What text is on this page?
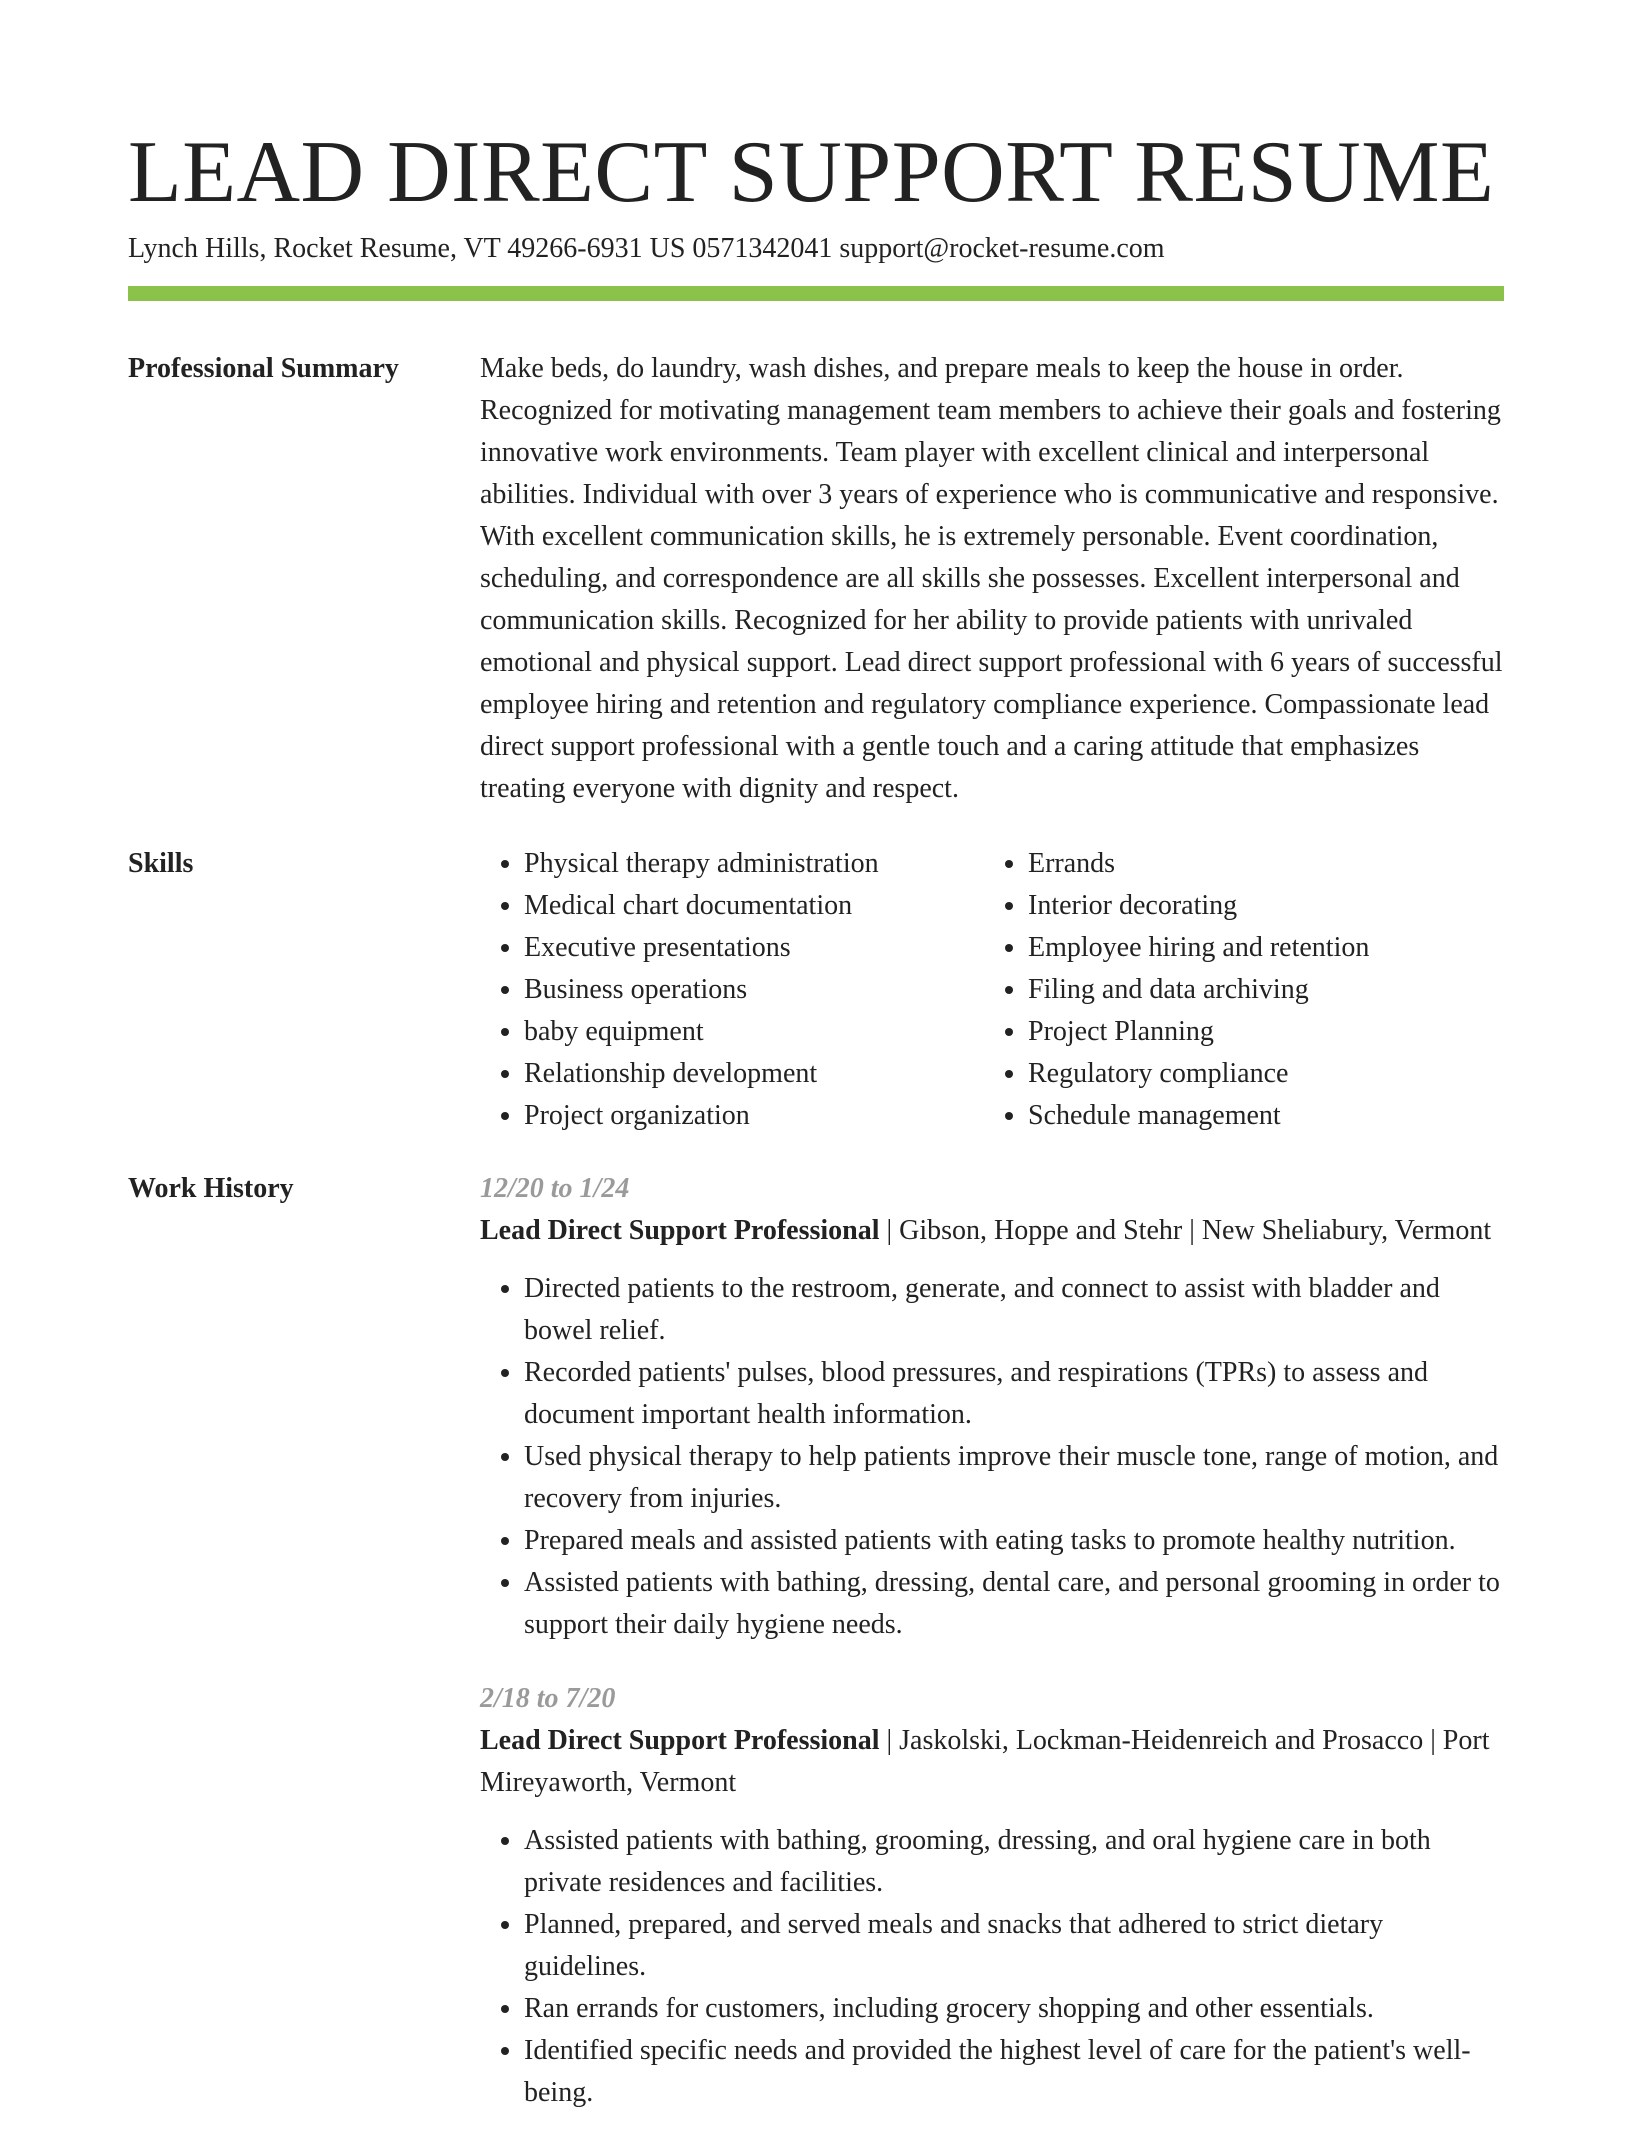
LEAD DIRECT SUPPORT RESUME
Lynch Hills, Rocket Resume, VT 49266-6931 US 0571342041 support@rocket-resume.com
Professional Summary	Make beds, do laundry, wash dishes, and prepare meals to keep the house in order. Recognized for motivating management team members to achieve their goals and fostering innovative work environments. Team player with excellent clinical and interpersonal abilities. Individual with over 3 years of experience who is communicative and responsive. With excellent communication skills, he is extremely personable. Event coordination, scheduling, and correspondence are all skills she possesses. Excellent interpersonal and communication skills. Recognized for her ability to provide patients with unrivaled emotional and physical support. Lead direct support professional with 6 years of successful employee hiring and retention and regulatory compliance experience. Compassionate lead direct support professional with a gentle touch and a caring attitude that emphasizes treating everyone with dignity and respect.

Skills
•	Physical therapy administration
• Medical chart documentation
• Executive presentations
• Business operations
• baby equipment
• Relationship development
• Project organization
• Errands
• Interior decorating
• Employee hiring and retention
• Filing and data archiving
• Project Planning
• Regulatory compliance
• Schedule management
Work History	12/20 to 1/24
Lead Direct Support Professional | Gibson, Hoppe and Stehr | New Sheliabury, Vermont
• Directed patients to the restroom, generate, and connect to assist with bladder and bowel relief.
• Recorded patients' pulses, blood pressures, and respirations (TPRs) to assess and document important health information.
• Used physical therapy to help patients improve their muscle tone, range of motion, and recovery from injuries.
• Prepared meals and assisted patients with eating tasks to promote healthy nutrition.
• Assisted patients with bathing, dressing, dental care, and personal grooming in order to support their daily hygiene needs.
2/18 to 7/20
Lead Direct Support Professional | Jaskolski, Lockman-Heidenreich and Prosacco | Port Mireyaworth, Vermont
• Assisted patients with bathing, grooming, dressing, and oral hygiene care in both private residences and facilities.
• Planned, prepared, and served meals and snacks that adhered to strict dietary guidelines.
• Ran errands for customers, including grocery shopping and other essentials.
• Identified specific needs and provided the highest level of care for the patient's well-being.
